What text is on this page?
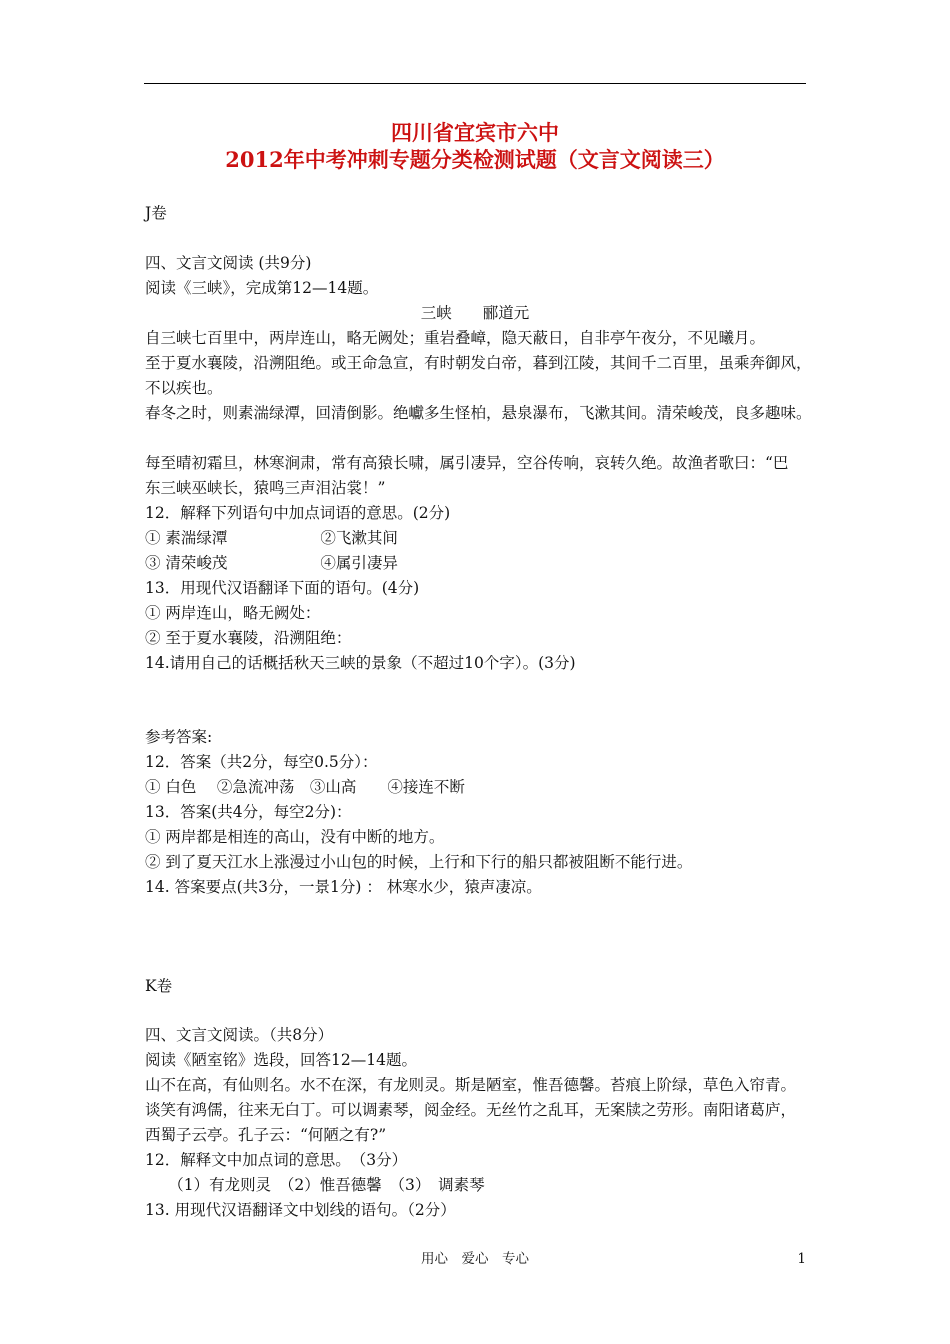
四川省宜宾市六中
2012年中考冲刺专题分类检测试题（文言文阅读三）
J卷
四、文言文阅读 (共9分)
阅读《三峡》，完成第12—14题。
三峡　　郦道元
自三峡七百里中，两岸连山，略无阙处；重岩叠嶂，隐天蔽日，自非亭午夜分，不见曦月。
至于夏水襄陵，沿溯阻绝。或王命急宣，有时朝发白帝，暮到江陵，其间千二百里，虽乘奔御风，
不以疾也。
春冬之时，则素湍绿潭，回清倒影。绝巘多生怪柏，悬泉瀑布，飞漱其间。清荣峻茂，良多趣味。
每至晴初霜旦，林寒涧肃，常有高猿长啸，属引凄异，空谷传响，哀转久绝。故渔者歌曰：“巴
东三峡巫峡长，猿鸣三声泪沾裳！”
12．解释下列语句中加点词语的意思。(2分)
① 素湍绿潭　　　　　　②飞漱其间
③ 清荣峻茂　　　　　　④属引凄异
13．用现代汉语翻译下面的语句。(4分)
① 两岸连山，略无阙处：
② 至于夏水襄陵，沿溯阻绝：
14.请用自己的话概括秋天三峡的景象（不超过10个字）。(3分)
参考答案:
12．答案（共2分，每空0.5分）：
① 白色　 ②急流冲荡　③山高　　④接连不断
13．答案(共4分，每空2分)：
① 两岸都是相连的高山，没有中断的地方。
② 到了夏天江水上涨漫过小山包的时候，上行和下行的船只都被阻断不能行进。
14. 答案要点(共3分，一景1分) ： 林寒水少，猿声凄凉。
K卷
四、文言文阅读。（共8分）
阅读《陋室铭》选段，回答12—14题。
山不在高，有仙则名。水不在深，有龙则灵。斯是陋室，惟吾德馨。苔痕上阶绿，草色入帘青。
谈笑有鸿儒，往来无白丁。可以调素琴，阅金经。无丝竹之乱耳，无案牍之劳形。南阳诸葛庐，
西蜀子云亭。孔子云：“何陋之有?”
12．解释文中加点词的意思。　（3分）
　　（1）有龙则灵　（2）惟吾德馨　（3）　调素琴
13. 用现代汉语翻译文中划线的语句。（2分）
用心　爱心　专心	1
